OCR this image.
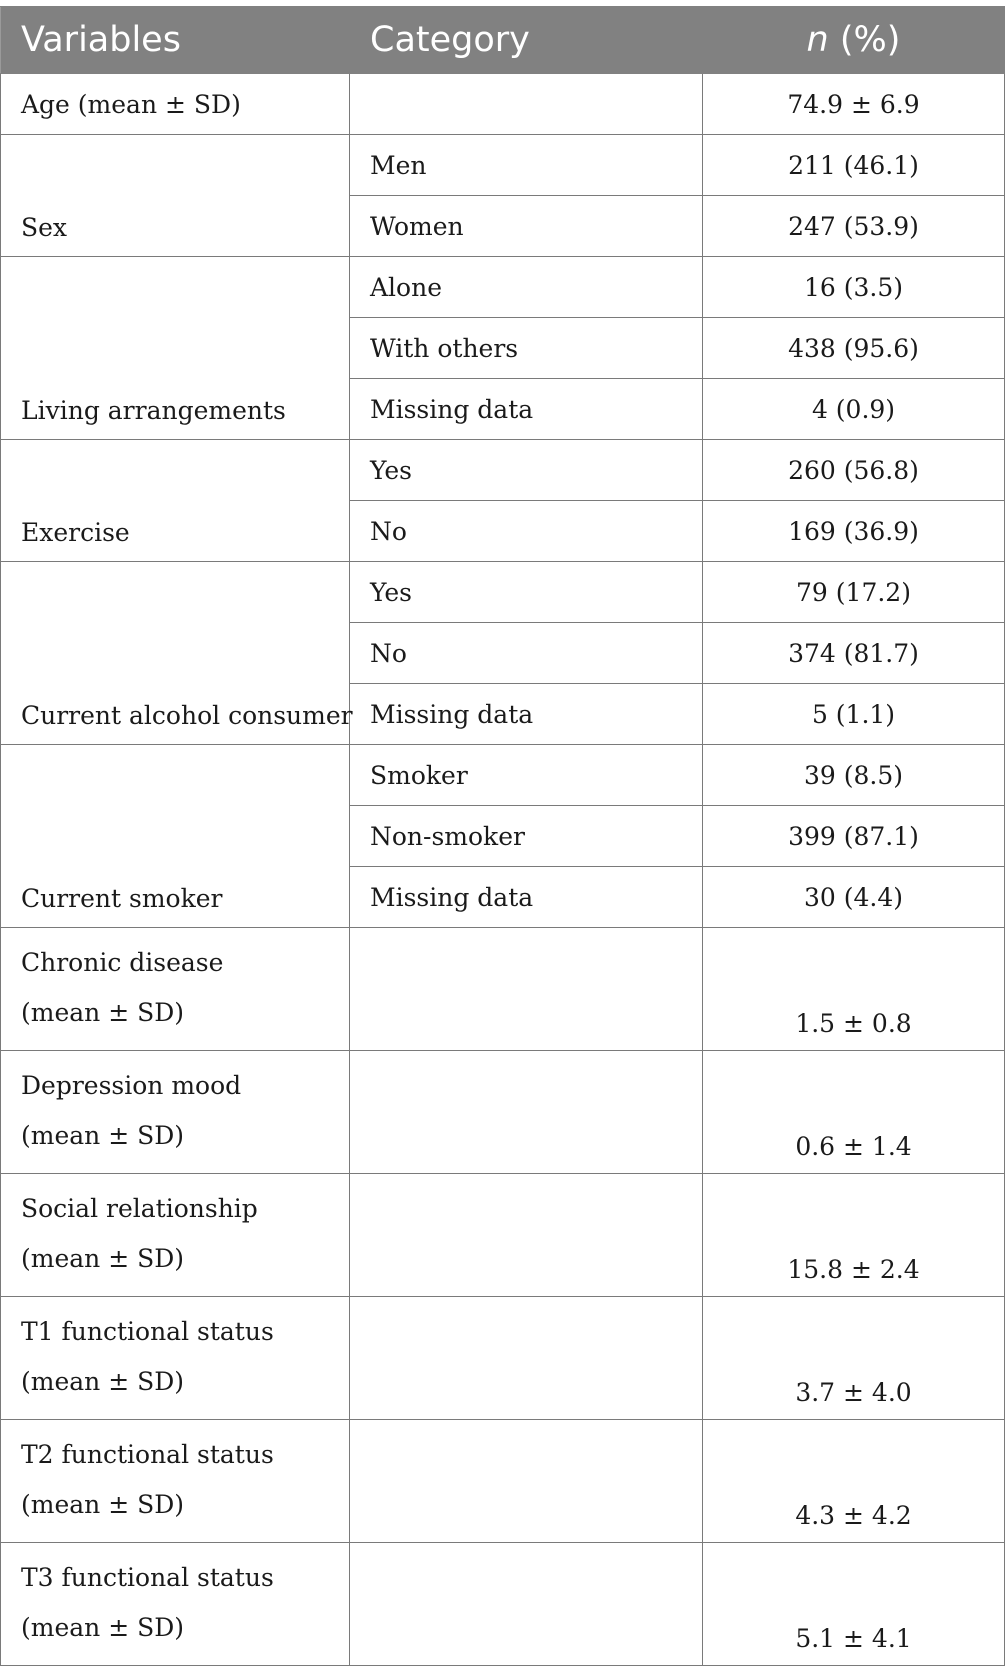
Variables	Category	n (%)
Age (mean ± SD)		74.9 ± 6.9
Sex	Men	211 (46.1)
	Women	247 (53.9)
Living arrangements	Alone	16 (3.5)
	With others	438 (95.6)
	Missing data	4 (0.9)
Exercise	Yes	260 (56.8)
	No	169 (36.9)
Current alcohol consumer	Yes	79 (17.2)
	No	374 (81.7)
	Missing data	5 (1.1)
Current smoker	Smoker	39 (8.5)
	Non-smoker	399 (87.1)
	Missing data	30 (4.4)

Chronic disease
(mean ± SD)		1.5 ± 0.8

Depression mood
(mean ± SD)		0.6 ± 1.4

Social relationship
(mean ± SD)		15.8 ± 2.4

T1 functional status
(mean ± SD)		3.7 ± 4.0

T2 functional status
(mean ± SD)		4.3 ± 4.2

T3 functional status
(mean ± SD)		5.1 ± 4.1
